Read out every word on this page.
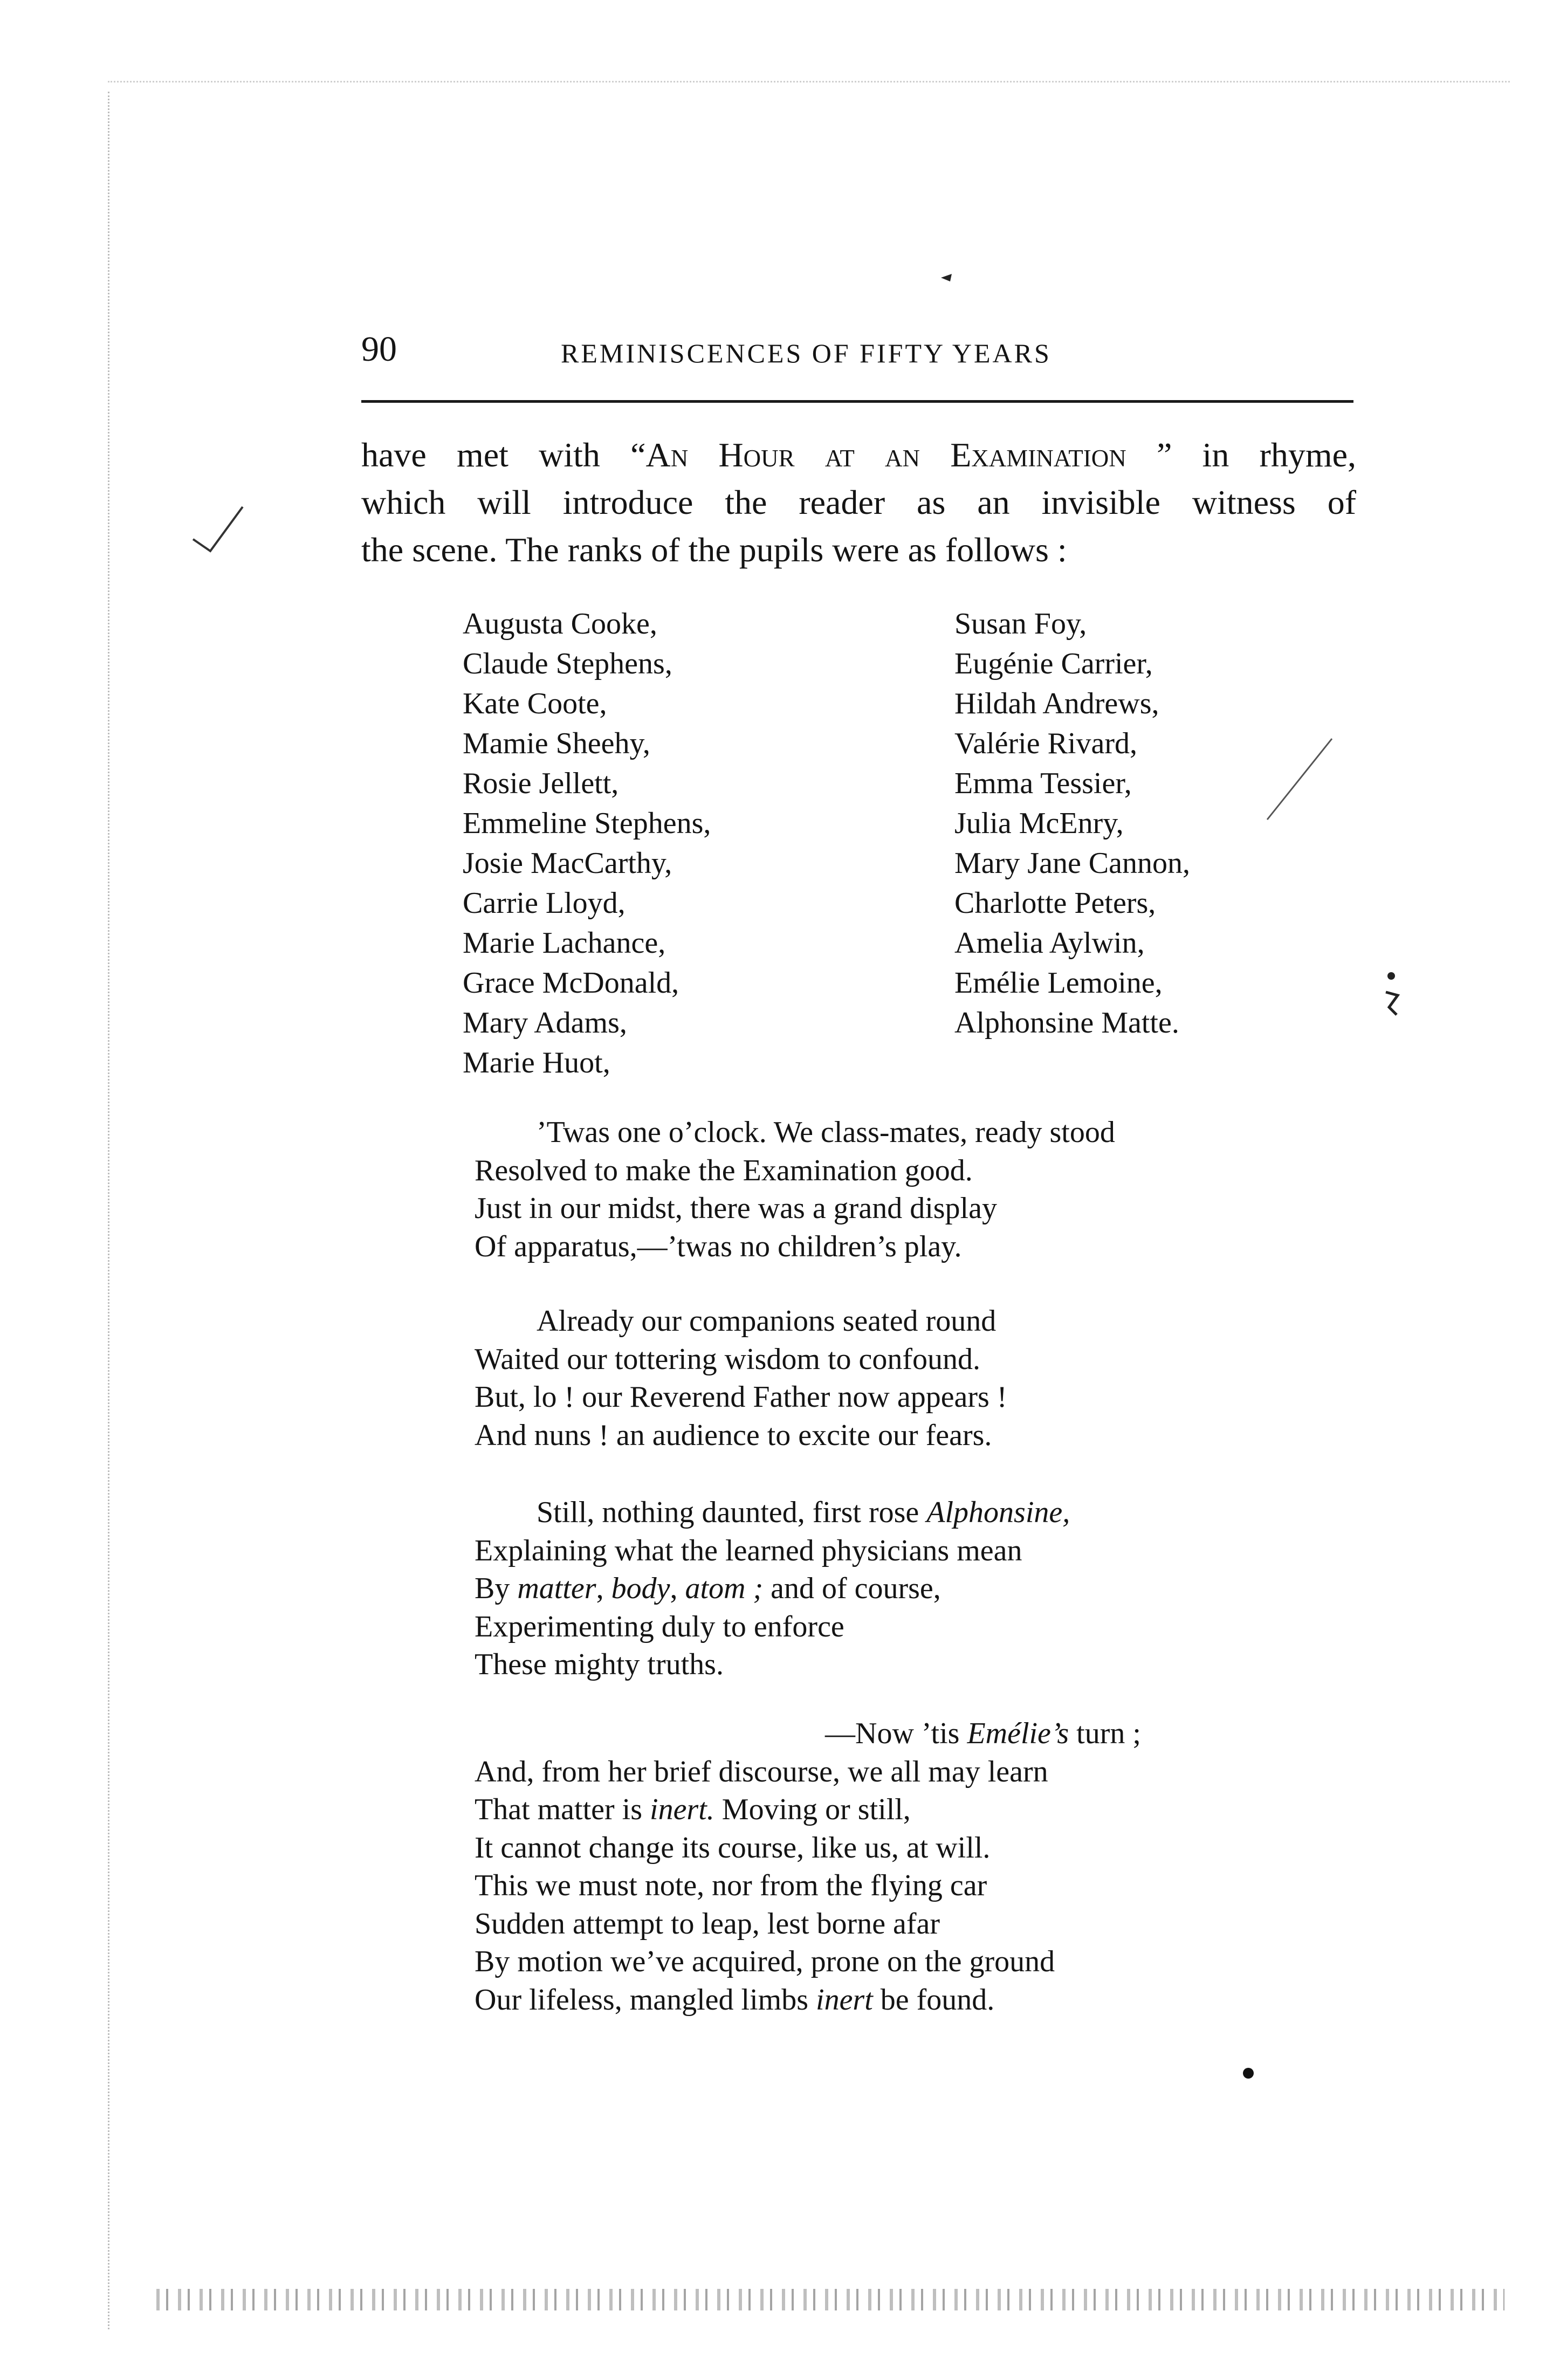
90	REMINISCENCES OF FIFTY YEARS
have met with “An Hour at an Examination ” in rhyme,
which will introduce the reader as an invisible witness of
the scene. The ranks of the pupils were as follows :
Augusta Cooke,
Claude Stephens,
Kate Coote,
Mamie Sheehy,
Rosie Jellett,
Emmeline Stephens,
Josie MacCarthy,
Carrie Lloyd,
Marie Lachance,
Grace McDonald,
Mary Adams,
Marie Huot,
Susan Foy,
Eugénie Carrier,
Hildah Andrews,
Valérie Rivard,
Emma Tessier,
Julia McEnry,
Mary Jane Cannon,
Charlotte Peters,
Amelia Aylwin,
Emélie Lemoine,
Alphonsine Matte.
’Twas one o’clock. We class-mates, ready stood
Resolved to make the Examination good.
Just in our midst, there was a grand display
Of apparatus,—’twas no children’s play.
Already our companions seated round
Waited our tottering wisdom to confound.
But, lo ! our Reverend Father now appears !
And nuns ! an audience to excite our fears.
Still, nothing daunted, first rose Alphonsine,
Explaining what the learned physicians mean
By matter, body, atom ; and of course,
Experimenting duly to enforce
These mighty truths.
—Now ’tis Emélie’s turn ;
And, from her brief discourse, we all may learn
That matter is inert. Moving or still,
It cannot change its course, like us, at will.
This we must note, nor from the flying car
Sudden attempt to leap, lest borne afar
By motion we’ve acquired, prone on the ground
Our lifeless, mangled limbs inert be found.
